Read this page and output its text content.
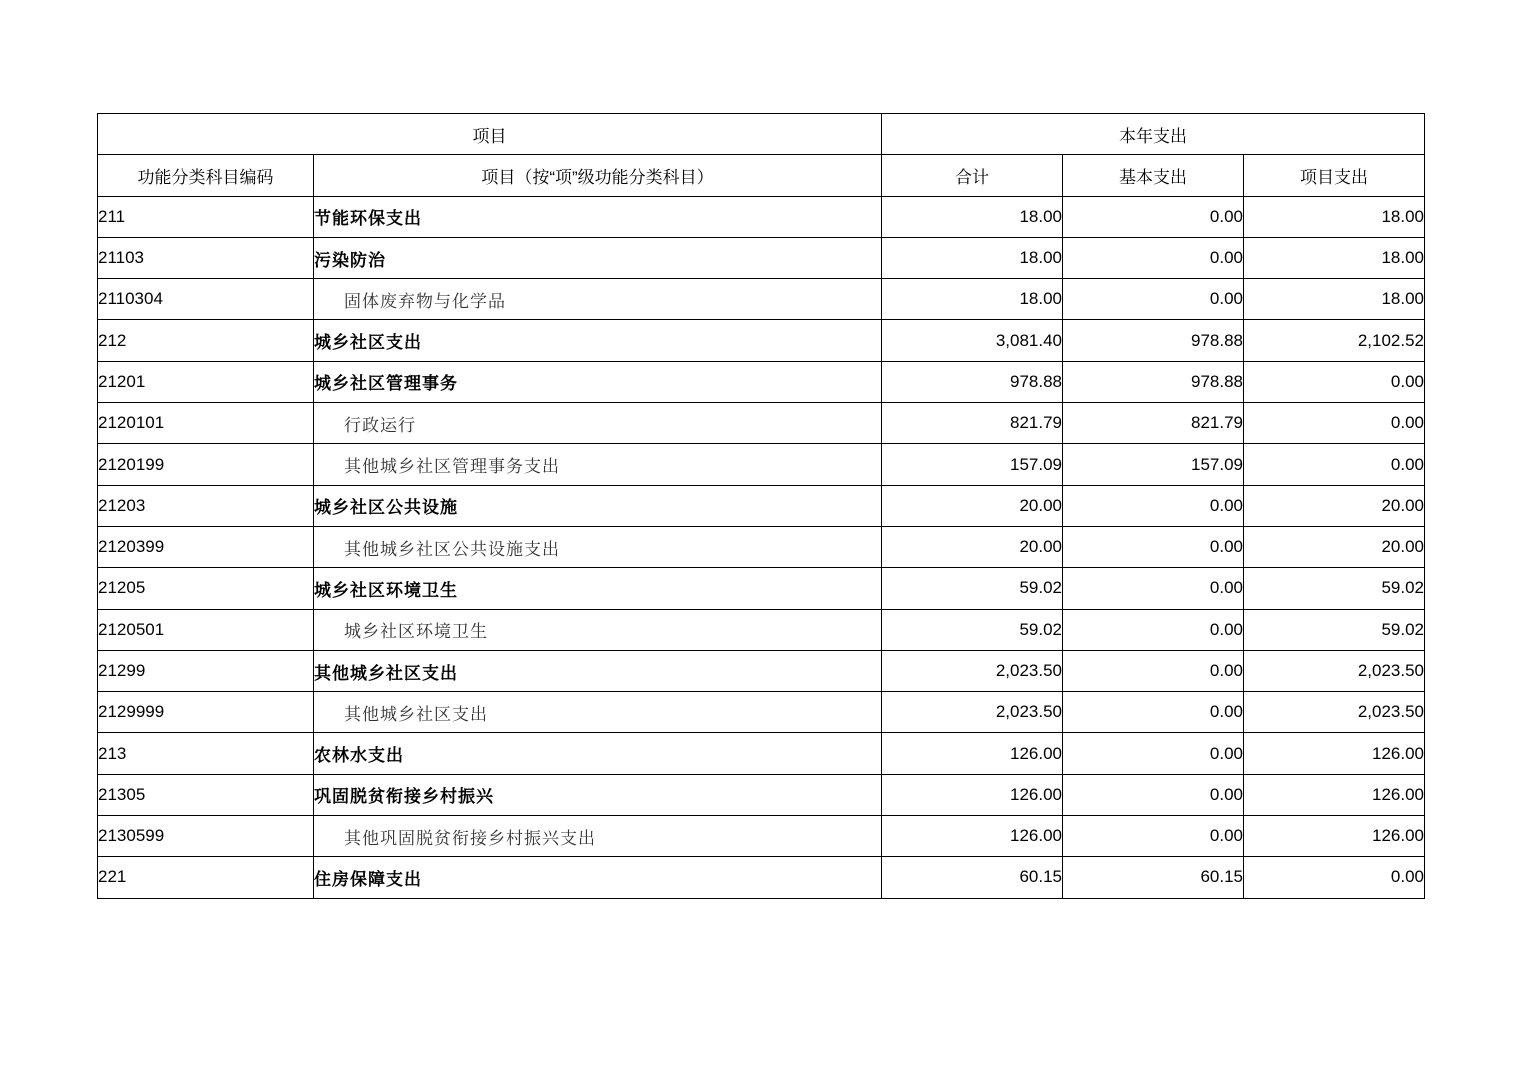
项目		本年支出		
功能分类科目编码	项目（按“项”级功能分类科目）	合计	基本支出	项目支出
211	节能环保支出	18.00	0.00	18.00
21103	污染防治	18.00	0.00	18.00
2110304	固体废弃物与化学品	18.00	0.00	18.00
212	城乡社区支出	3,081.40	978.88	2,102.52
21201	城乡社区管理事务	978.88	978.88	0.00
2120101	行政运行	821.79	821.79	0.00
2120199	其他城乡社区管理事务支出	157.09	157.09	0.00
21203	城乡社区公共设施	20.00	0.00	20.00
2120399	其他城乡社区公共设施支出	20.00	0.00	20.00
21205	城乡社区环境卫生	59.02	0.00	59.02
2120501	城乡社区环境卫生	59.02	0.00	59.02
21299	其他城乡社区支出	2,023.50	0.00	2,023.50
2129999	其他城乡社区支出	2,023.50	0.00	2,023.50
213	农林水支出	126.00	0.00	126.00
21305	巩固脱贫衔接乡村振兴	126.00	0.00	126.00
2130599	其他巩固脱贫衔接乡村振兴支出	126.00	0.00	126.00
221	住房保障支出	60.15	60.15	0.00
